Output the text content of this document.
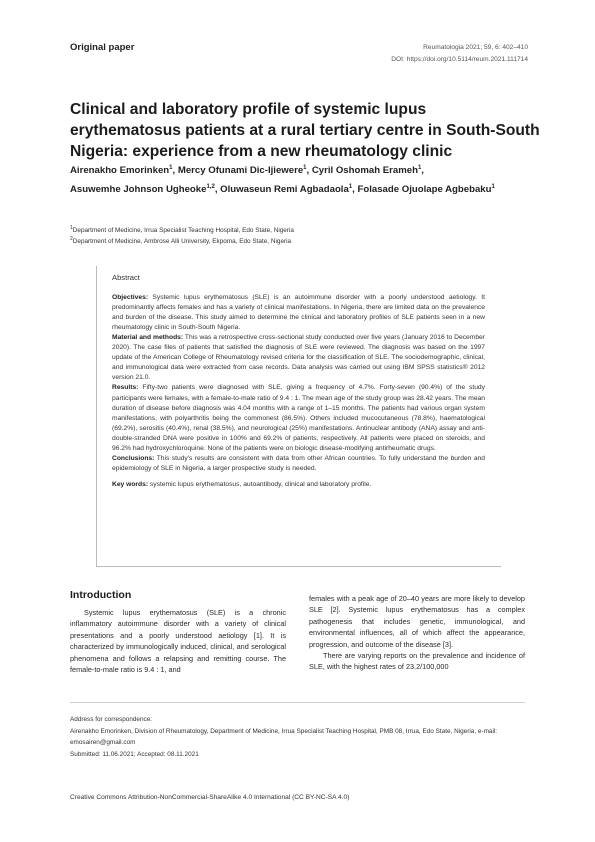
Original paper	Reumatologia 2021; 59, 6: 402–410
DOI: https://doi.org/10.5114/reum.2021.111714
Clinical and laboratory profile of systemic lupus erythematosus patients at a rural tertiary centre in South-South Nigeria: experience from a new rheumatology clinic
Airenakho Emorinken$^1$, Mercy Ofunami Dic-Ijiewere$^1$, Cyril Oshomah Erameh$^1$,
Asuwemhe Johnson Ugheoke$^{1,2}$, Oluwaseun Remi Agbadaola$^1$, Folasade Ojuolape Agbebaku$^1$
$^1$Department of Medicine, Irrua Specialist Teaching Hospital, Edo State, Nigeria
$^2$Department of Medicine, Ambrose Alli University, Ekpoma, Edo State, Nigeria
Abstract

Objectives: Systemic lupus erythematosus (SLE) is an autoimmune disorder with a poorly understood aetiology. It predominantly affects females and has a variety of clinical manifestations. In Nigeria, there are limited data on the prevalence and burden of the disease. This study aimed to determine the clinical and laboratory profiles of SLE patients seen in a new rheumatology clinic in South-South Nigeria.

Material and methods: This was a retrospective cross-sectional study conducted over five years (January 2016 to December 2020). The case files of patients that satisfied the diagnosis of SLE were reviewed. The diagnosis was based on the 1997 update of the American College of Rheumatology revised criteria for the classification of SLE. The sociodemographic, clinical, and immunological data were extracted from case records. Data analysis was carried out using IBM SPSS statistics® 2012 version 21.0.

Results: Fifty-two patients were diagnosed with SLE, giving a frequency of 4.7%. Forty-seven (90.4%) of the study participants were females, with a female-to-male ratio of 9.4 : 1. The mean age of the study group was 28.42 years. The mean duration of disease before diagnosis was 4.04 months with a range of 1–15 months. The patients had various organ system manifestations, with polyarthritis being the commonest (86.5%). Others included mucocutaneous (78.8%), haematological (69.2%), serositis (40.4%), renal (38.5%), and neurological (25%) manifestations. Antinuclear antibody (ANA) assay and anti-double-stranded DNA were positive in 100% and 69.2% of patients, respectively. All patients were placed on steroids, and 96.2% had hydroxychloroquine. None of the patients were on biologic disease-modifying antirheumatic drugs.

Conclusions: This study's results are consistent with data from other African countries. To fully understand the burden and epidemiology of SLE in Nigeria, a larger prospective study is needed.

Key words: systemic lupus erythematosus, autoantibody, clinical and laboratory profile.

Introduction

Systemic lupus erythematosus (SLE) is a chronic inflammatory autoimmune disorder with a variety of clinical presentations and a poorly understood aetiology [1]. It is characterized by immunologically induced, clinical, and serological phenomena and follows a relapsing and remitting course. The female-to-male ratio is 9.4 : 1, and

females with a peak age of 20–40 years are more likely to develop SLE [2]. Systemic lupus erythematosus has a complex pathogenesis that includes genetic, immunological, and environmental influences, all of which affect the appearance, progression, and outcome of the disease [3].

There are varying reports on the prevalence and incidence of SLE, with the highest rates of 23.2/100,000

Address for correspondence:
Airenakho Emorinken, Division of Rheumatology, Department of Medicine, Irrua Specialist Teaching Hospital, PMB 08, Irrua, Edo State, Nigeria, e-mail: emosairen@gmail.com
Submitted: 11.06.2021; Accepted: 08.11.2021
Creative Commons Attribution-NonCommercial-ShareAlike 4.0 International (CC BY-NC-SA 4.0)
